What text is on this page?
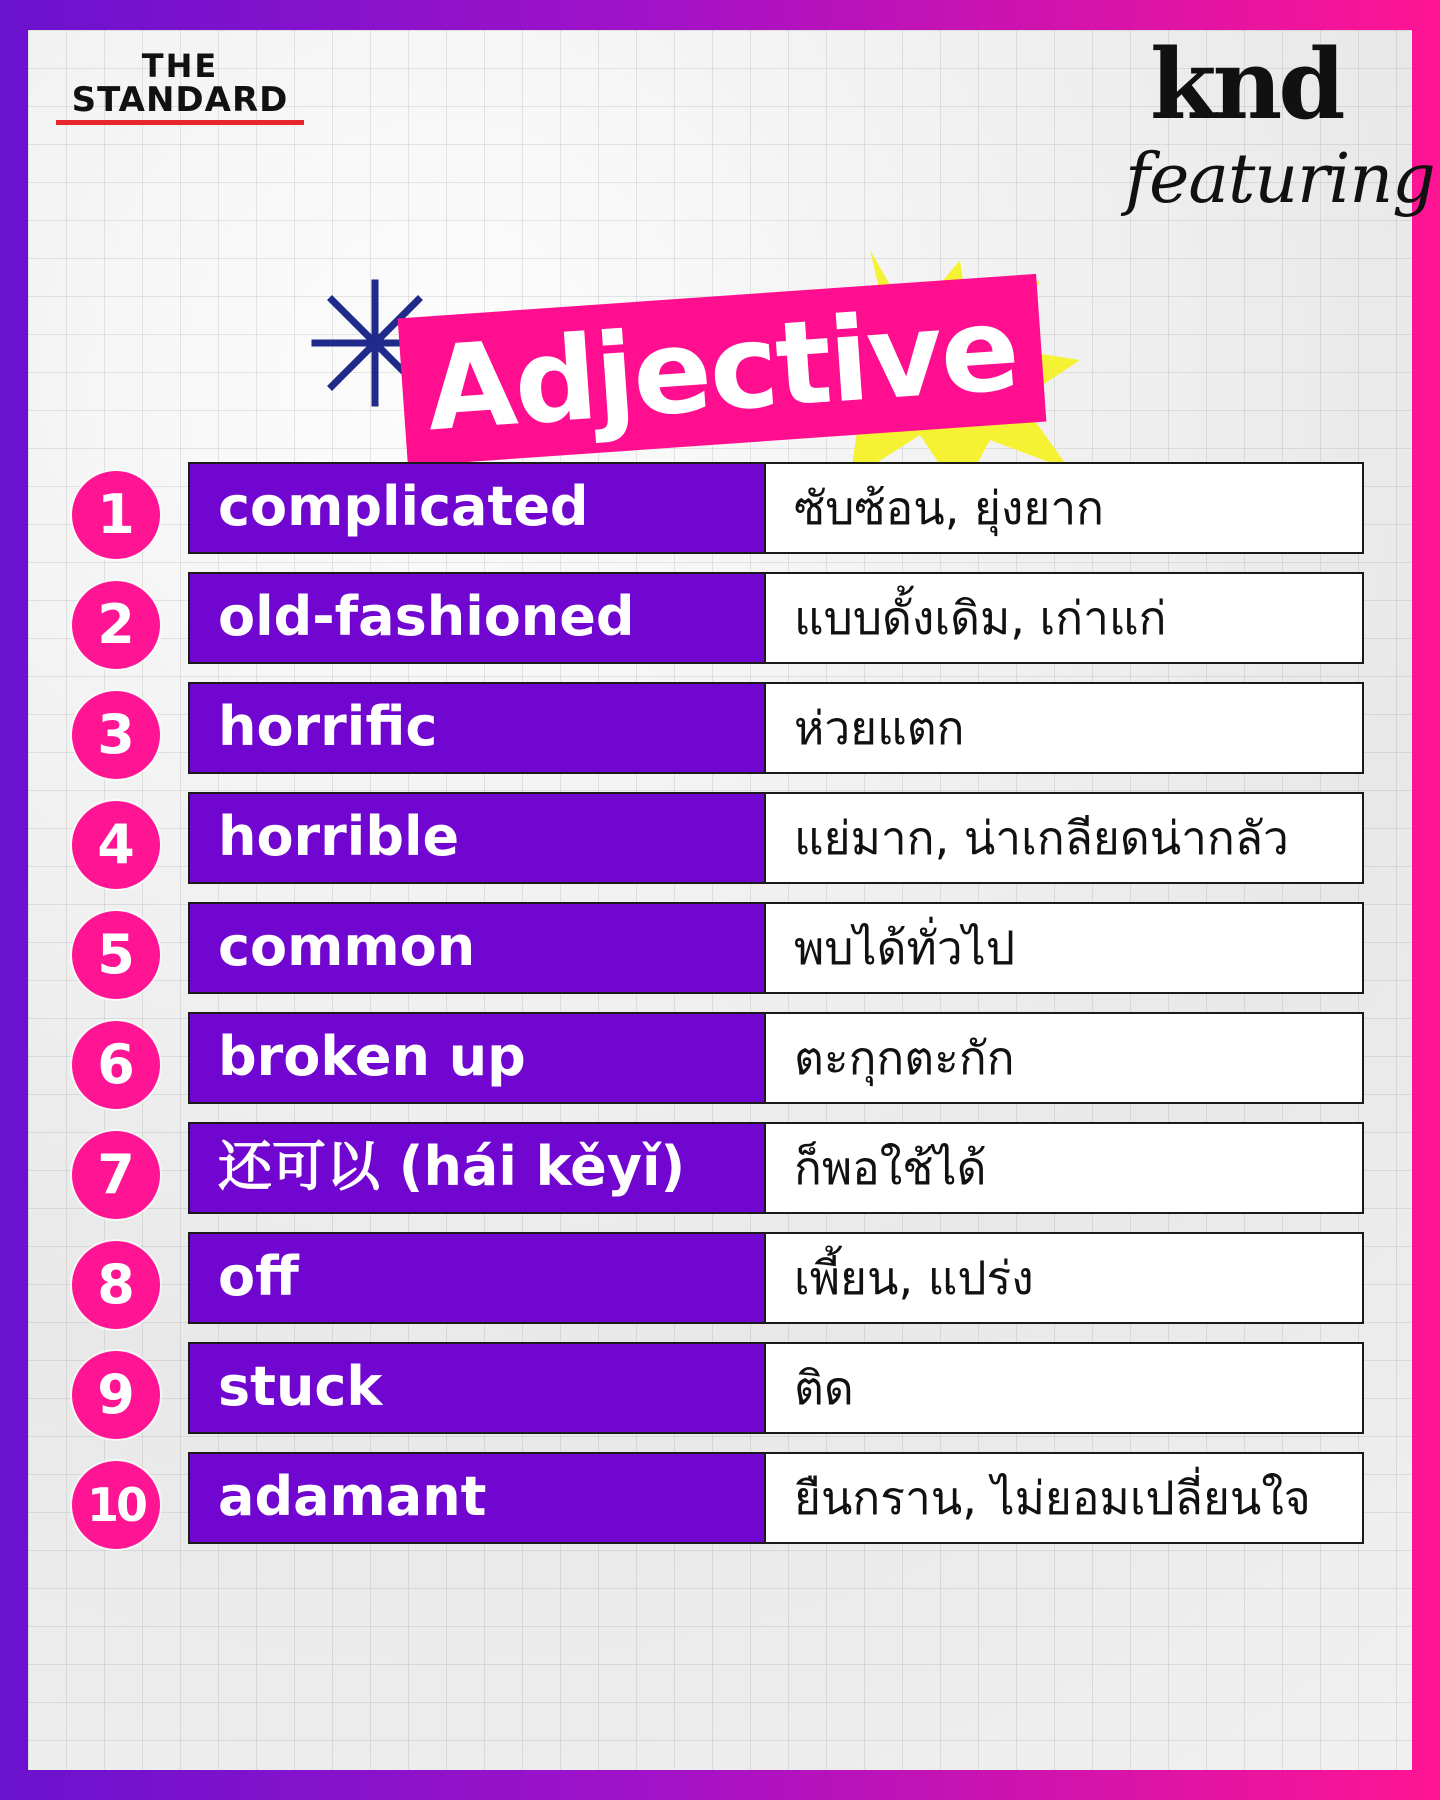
THE
STANDARD	knd
featuring
Adjective
1	complicated	ซับซ้อน, ยุ่งยาก
2	old-fashioned	แบบดั้งเดิม, เก่าแก่
3	horrific	ห่วยแตก
4	horrible	แย่มาก, น่าเกลียดน่ากลัว
5	common	พบได้ทั่วไป
6	broken up	ตะกุกตะกัก
7	还可以 (hái kěyǐ)	ก็พอใช้ได้
8	off	เพี้ยน, แปร่ง
9	stuck	ติด
10	adamant	ยืนกราน, ไม่ยอมเปลี่ยนใจ
